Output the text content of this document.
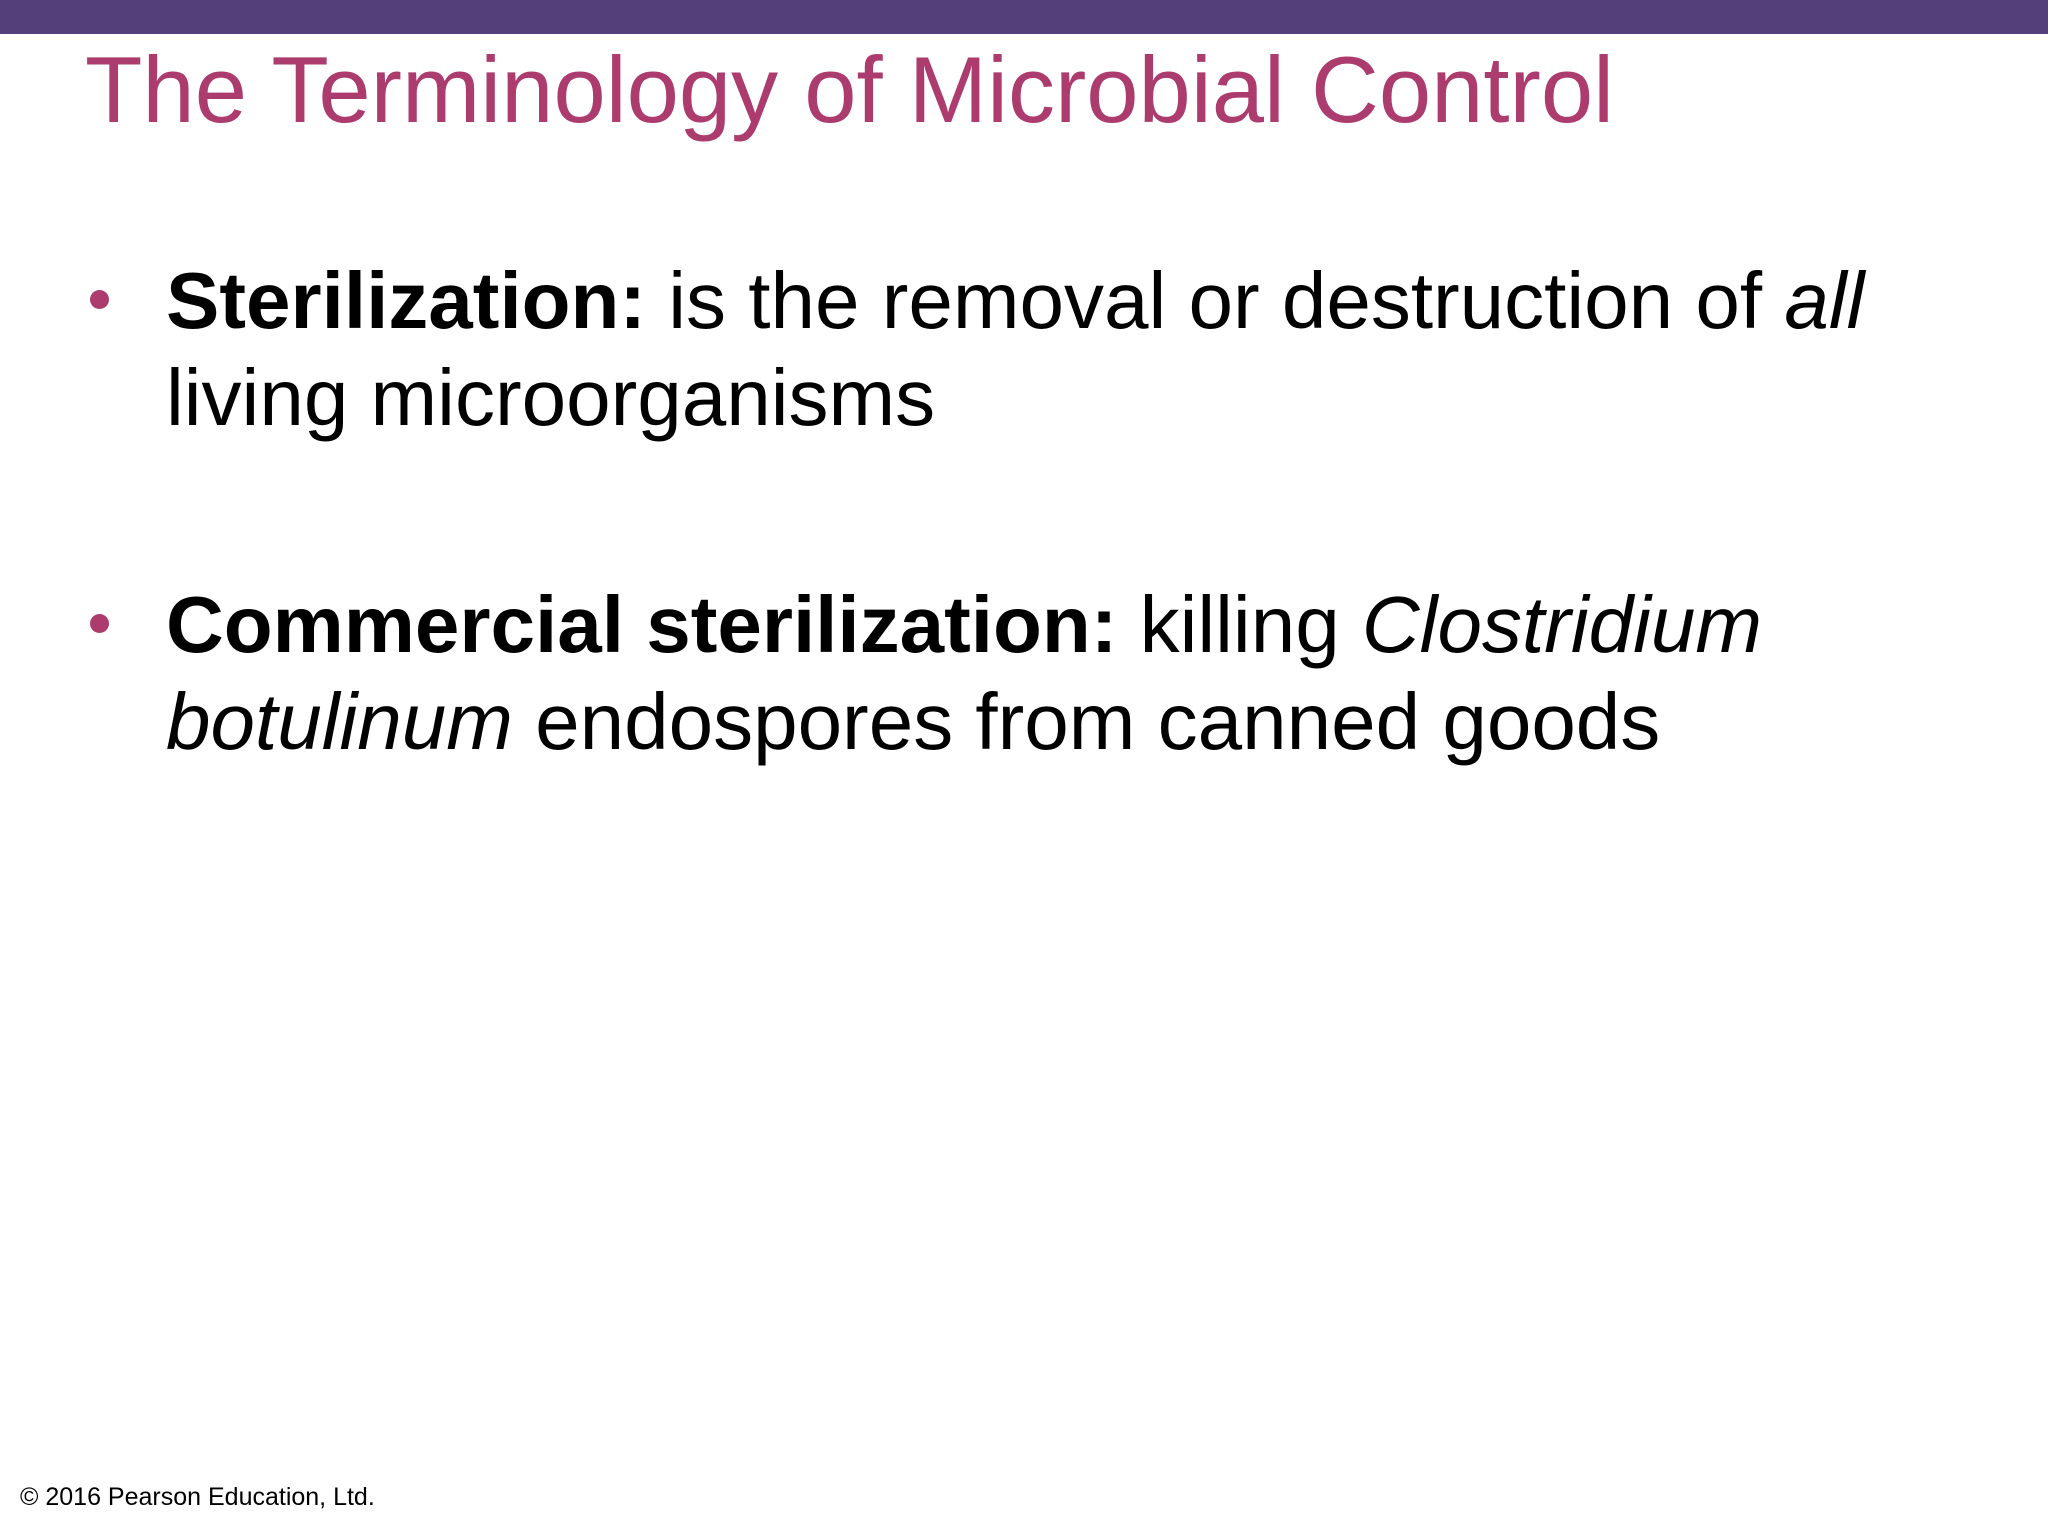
The Terminology of Microbial Control
Sterilization: is the removal or destruction of all living microorganisms
Commercial sterilization: killing Clostridium botulinum endospores from canned goods
© 2016 Pearson Education, Ltd.
